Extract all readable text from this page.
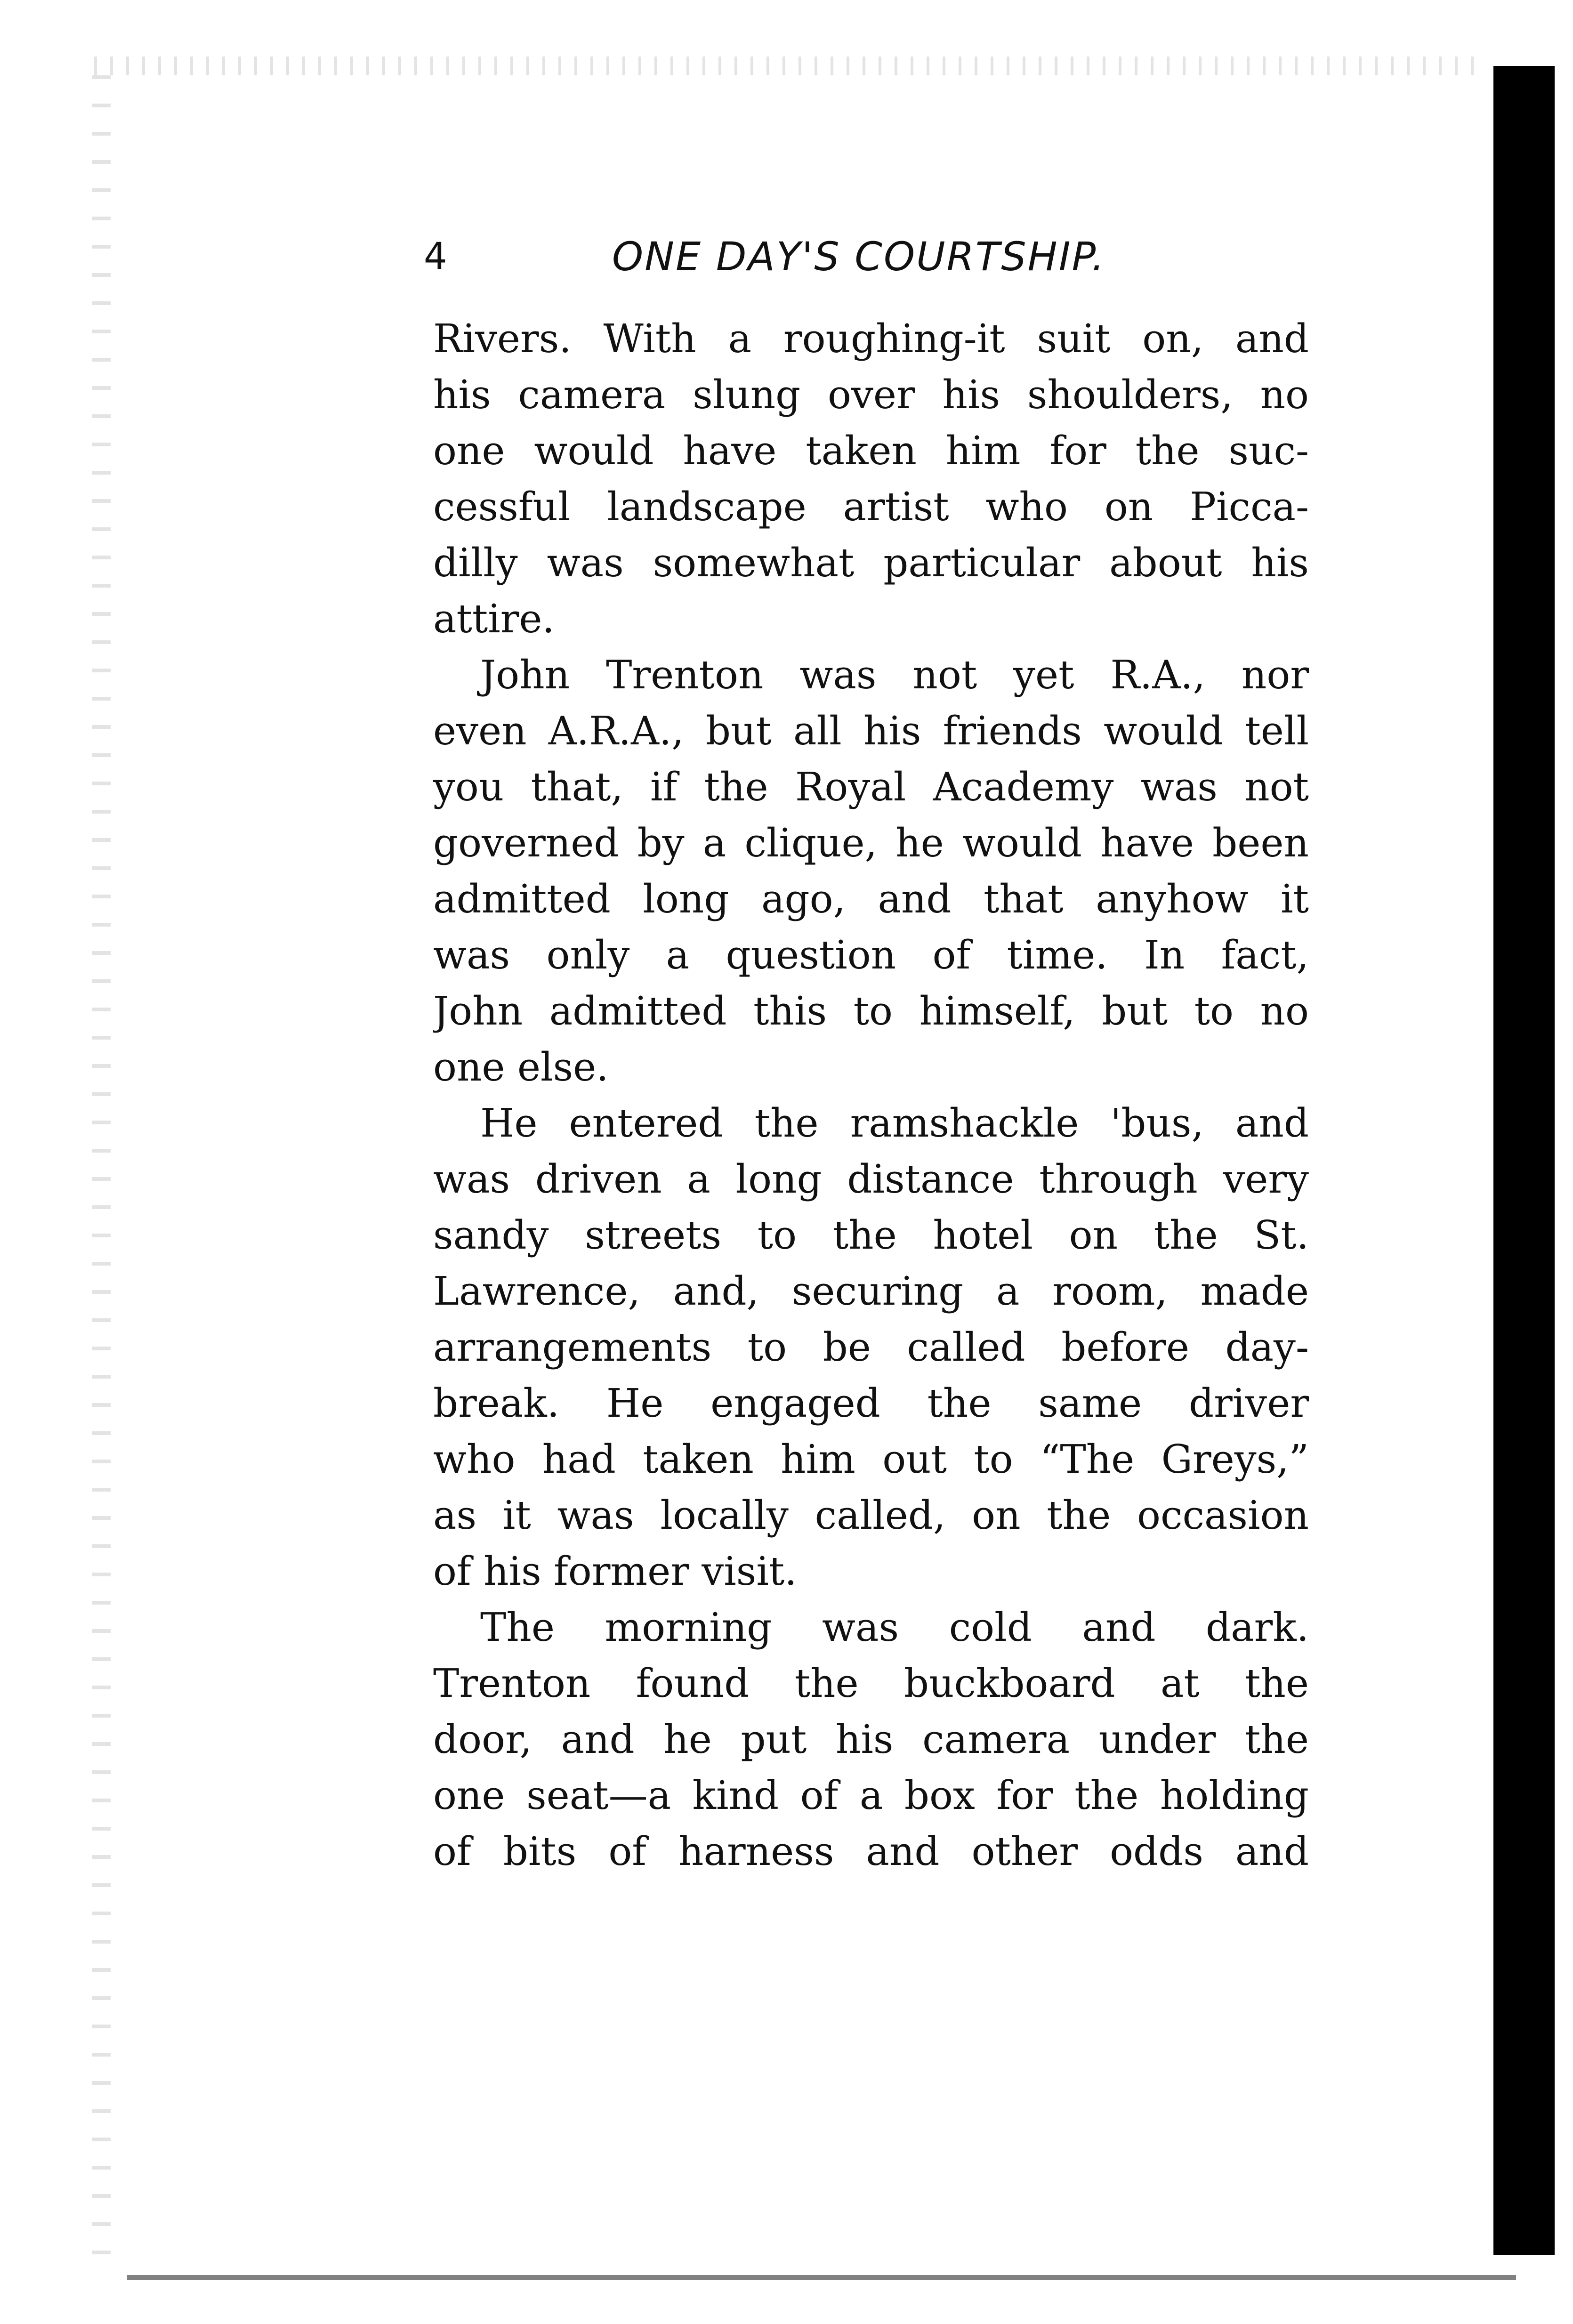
4	ONE DAY'S COURTSHIP.
Rivers. With a roughing-it suit on, and
his camera slung over his shoulders, no
one would have taken him for the suc-
cessful landscape artist who on Picca-
dilly was somewhat particular about his
attire.
John Trenton was not yet R.A., nor
even A.R.A., but all his friends would tell
you that, if the Royal Academy was not
governed by a clique, he would have been
admitted long ago, and that anyhow it
was only a question of time. In fact,
John admitted this to himself, but to no
one else.
He entered the ramshackle 'bus, and
was driven a long distance through very
sandy streets to the hotel on the St.
Lawrence, and, securing a room, made
arrangements to be called before day-
break. He engaged the same driver
who had taken him out to “The Greys,”
as it was locally called, on the occasion
of his former visit.
The morning was cold and dark.
Trenton found the buckboard at the
door, and he put his camera under the
one seat—a kind of a box for the holding
of bits of harness and other odds and
